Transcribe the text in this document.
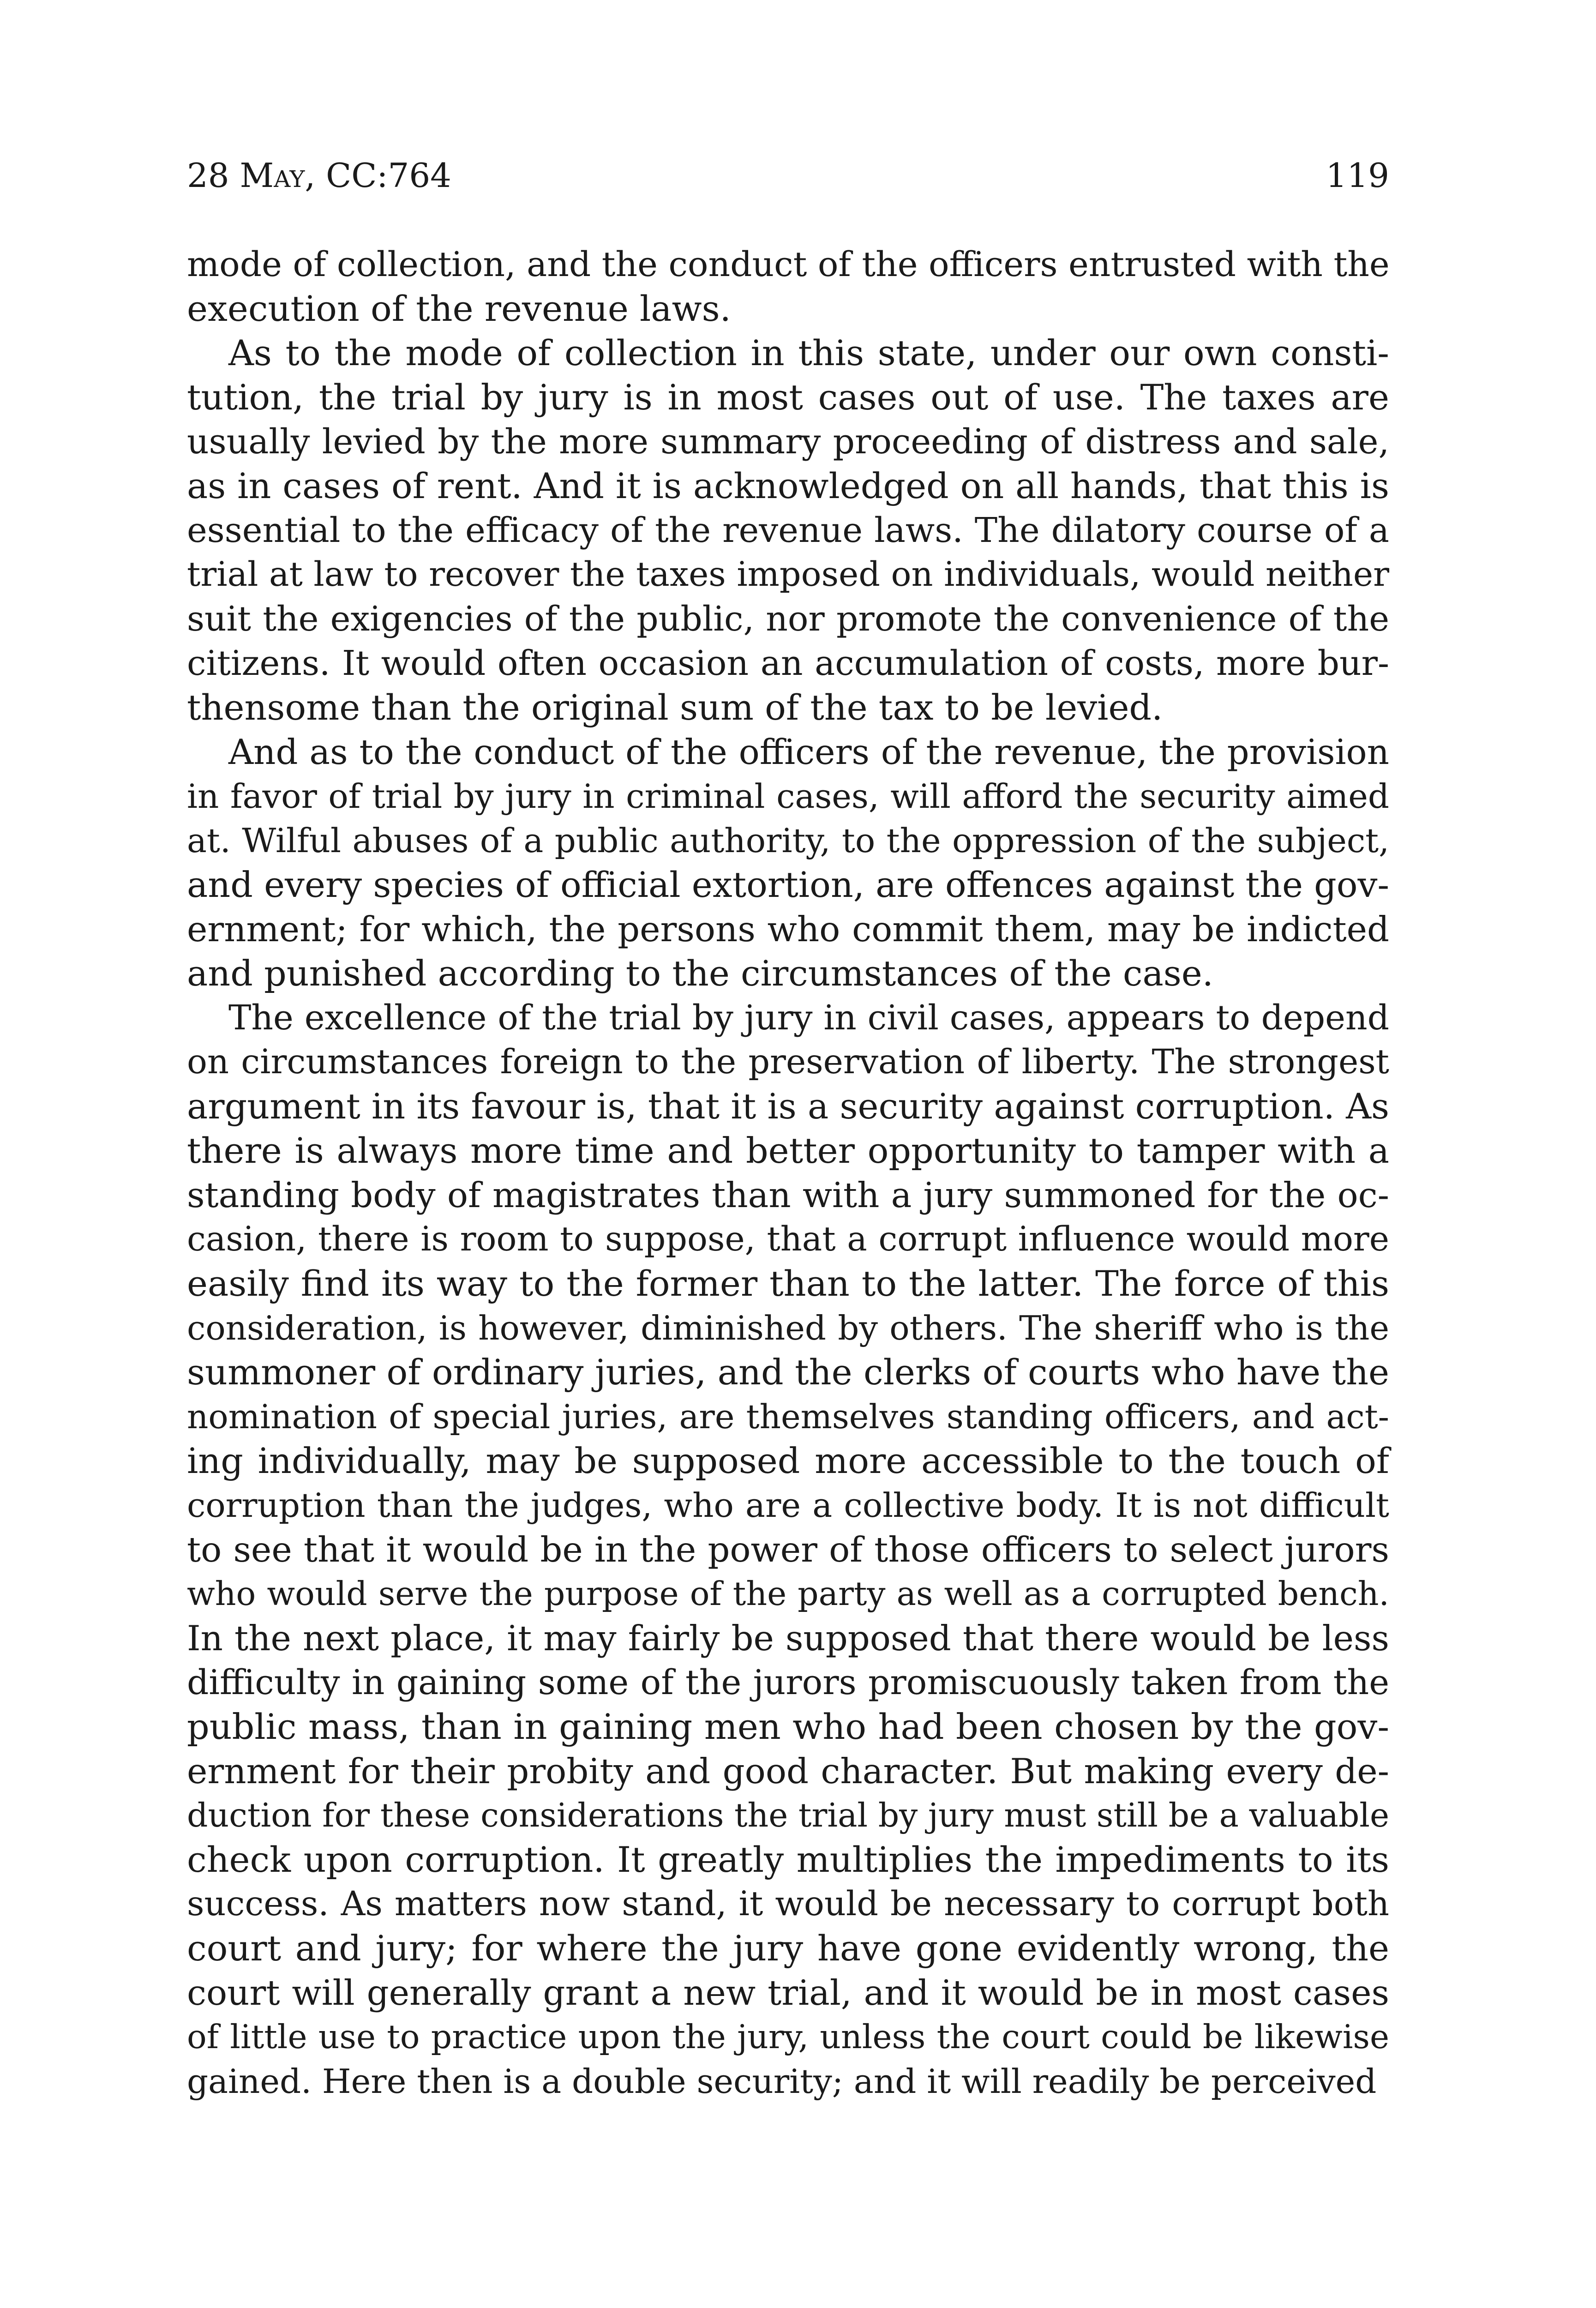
28 May, CC:764	119
mode of collection, and the conduct of the officers entrusted with the
execution of the revenue laws.
As to the mode of collection in this state, under our own consti-
tution, the trial by jury is in most cases out of use. The taxes are
usually levied by the more summary proceeding of distress and sale,
as in cases of rent. And it is acknowledged on all hands, that this is
essential to the efficacy of the revenue laws. The dilatory course of a
trial at law to recover the taxes imposed on individuals, would neither
suit the exigencies of the public, nor promote the convenience of the
citizens. It would often occasion an accumulation of costs, more bur-
thensome than the original sum of the tax to be levied.
And as to the conduct of the officers of the revenue, the provision
in favor of trial by jury in criminal cases, will afford the security aimed
at. Wilful abuses of a public authority, to the oppression of the subject,
and every species of official extortion, are offences against the gov-
ernment; for which, the persons who commit them, may be indicted
and punished according to the circumstances of the case.
The excellence of the trial by jury in civil cases, appears to depend
on circumstances foreign to the preservation of liberty. The strongest
argument in its favour is, that it is a security against corruption. As
there is always more time and better opportunity to tamper with a
standing body of magistrates than with a jury summoned for the oc-
casion, there is room to suppose, that a corrupt influence would more
easily find its way to the former than to the latter. The force of this
consideration, is however, diminished by others. The sheriff who is the
summoner of ordinary juries, and the clerks of courts who have the
nomination of special juries, are themselves standing officers, and act-
ing individually, may be supposed more accessible to the touch of
corruption than the judges, who are a collective body. It is not difficult
to see that it would be in the power of those officers to select jurors
who would serve the purpose of the party as well as a corrupted bench.
In the next place, it may fairly be supposed that there would be less
difficulty in gaining some of the jurors promiscuously taken from the
public mass, than in gaining men who had been chosen by the gov-
ernment for their probity and good character. But making every de-
duction for these considerations the trial by jury must still be a valuable
check upon corruption. It greatly multiplies the impediments to its
success. As matters now stand, it would be necessary to corrupt both
court and jury; for where the jury have gone evidently wrong, the
court will generally grant a new trial, and it would be in most cases
of little use to practice upon the jury, unless the court could be likewise
gained. Here then is a double security; and it will readily be perceived
